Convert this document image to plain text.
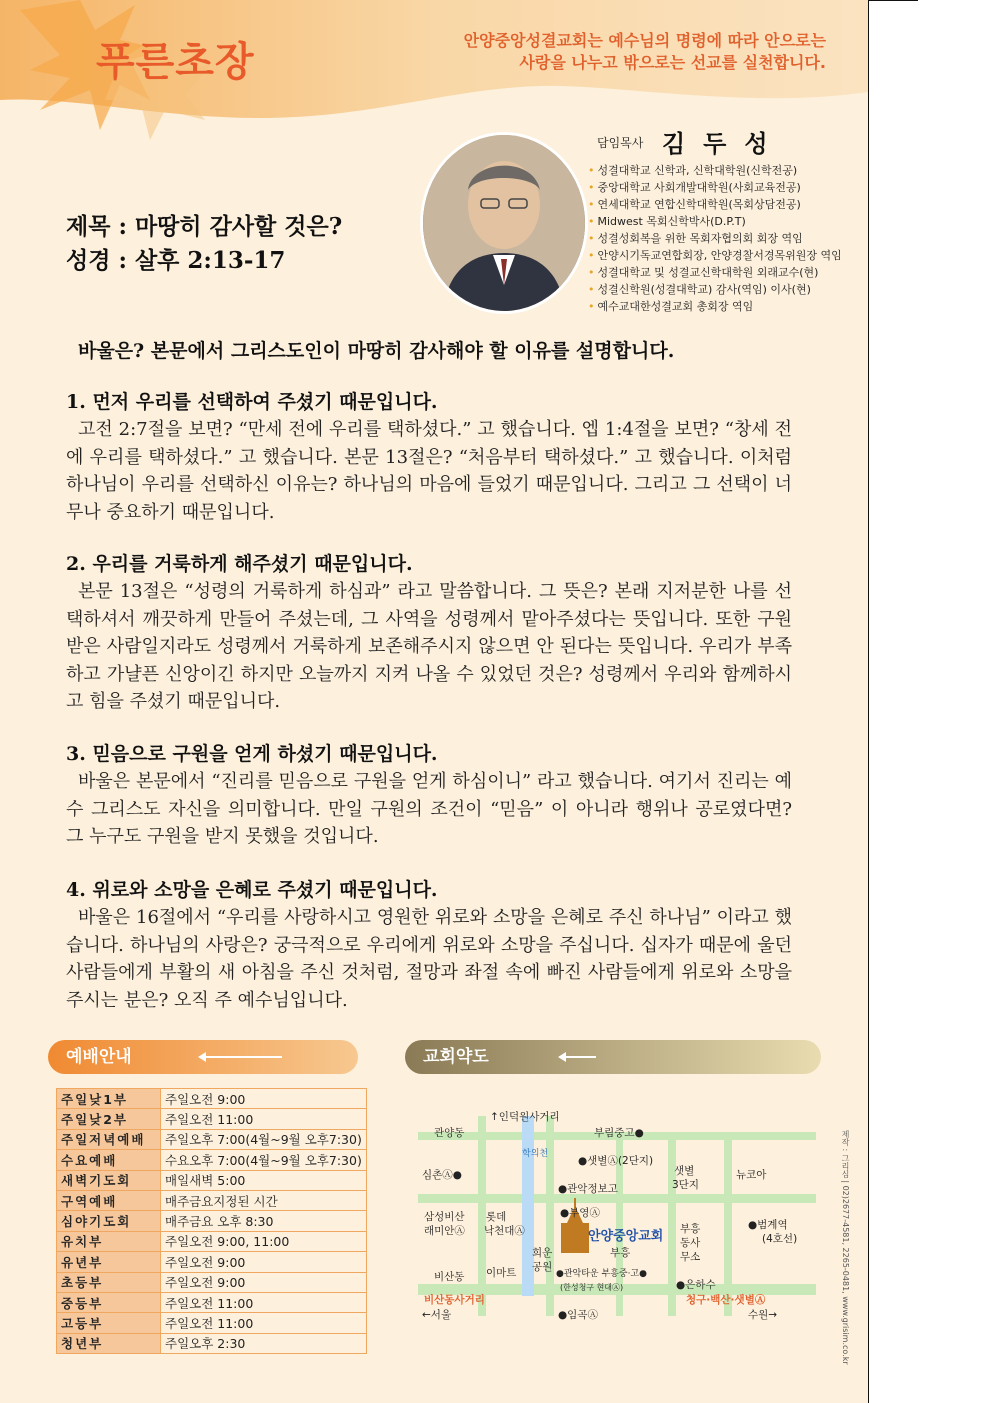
푸른초장	안양중앙성결교회는 예수님의 명령에 따라 안으로는
사랑을 나누고 밖으로는 선교를 실천합니다.
담임목사 김두성
• 성결대학교 신학과, 신학대학원(신학전공)
• 중앙대학교 사회개발대학원(사회교육전공)
• 연세대학교 연합신학대학원(목회상담전공)
• Midwest 목회신학박사(D.P.T)
• 성결성회복을 위한 목회자협의회 회장 역임
• 안양시기독교연합회장, 안양경찰서경목위원장 역임
• 성결대학교 및 성결교신학대학원 외래교수(현)
• 성결신학원(성결대학교) 감사(역임) 이사(현)
• 예수교대한성결교회 총회장 역임
제목 : 마땅히 감사할 것은?
성경 : 살후 2:13-17
바울은? 본문에서 그리스도인이 마땅히 감사해야 할 이유를 설명합니다.
1. 먼저 우리를 선택하여 주셨기 때문입니다.

고전 2:7절을 보면? “만세 전에 우리를 택하셨다.” 고 했습니다. 엡 1:4절을 보면? “창세 전에 우리를 택하셨다.” 고 했습니다. 본문 13절은? “처음부터 택하셨다.” 고 했습니다. 이처럼 하나님이 우리를 선택하신 이유는? 하나님의 마음에 들었기 때문입니다. 그리고 그 선택이 너무나 중요하기 때문입니다.

2. 우리를 거룩하게 해주셨기 때문입니다.

본문 13절은 “성령의 거룩하게 하심과” 라고 말씀합니다. 그 뜻은? 본래 지저분한 나를 선택하셔서 깨끗하게 만들어 주셨는데, 그 사역을 성령께서 맡아주셨다는 뜻입니다. 또한 구원받은 사람일지라도 성령께서 거룩하게 보존해주시지 않으면 안 된다는 뜻입니다. 우리가 부족하고 가냘픈 신앙이긴 하지만 오늘까지 지켜 나올 수 있었던 것은? 성령께서 우리와 함께하시고 힘을 주셨기 때문입니다.

3. 믿음으로 구원을 얻게 하셨기 때문입니다.

바울은 본문에서 “진리를 믿음으로 구원을 얻게 하심이니” 라고 했습니다. 여기서 진리는 예수 그리스도 자신을 의미합니다. 만일 구원의 조건이 “믿음” 이 아니라 행위나 공로였다면? 그 누구도 구원을 받지 못했을 것입니다.

4. 위로와 소망을 은혜로 주셨기 때문입니다.

바울은 16절에서 “우리를 사랑하시고 영원한 위로와 소망을 은혜로 주신 하나님” 이라고 했습니다. 하나님의 사랑은? 궁극적으로 우리에게 위로와 소망을 주십니다. 십자가 때문에 울던 사람들에게 부활의 새 아침을 주신 것처럼, 절망과 좌절 속에 빠진 사람들에게 위로와 소망을 주시는 분은? 오직 주 예수님입니다.

예배안내	교회약도
주일낮1부	주일오전 9:00
주일낮2부	주일오전 11:00
주일저녁예배	주일오후 7:00(4월~9월 오후7:30)
수요예배	수요오후 7:00(4월~9월 오후7:30)
새벽기도회	매일새벽 5:00
구역예배	매주금요지정된 시간
심야기도회	매주금요 오후 8:30
유치부	주일오전 9:00, 11:00
유년부	주일오전 9:00
초등부	주일오전 9:00
중등부	주일오전 11:00
고등부	주일오전 11:00
청년부	주일오후 2:30
↑인덕원사거리
관양동	부림중고●
●샛별Ⓐ(2단지)
샛별
3단지
심촌Ⓐ●
학의천
뉴코아
●관악정보고
삼성비산
래미안Ⓐ
롯데
낙천대Ⓐ
●부영Ⓐ
안양중앙교회
부흥
부흥
동사
무소
●범계역
(4호선)
희운
공원
비산동 이마트	●관악타운 부흥중·고●
(한성청구 현대Ⓐ)	●은하수
비산동사거리
←서울
청구·백산·샛별Ⓐ
●임곡Ⓐ	수원→	제작 : 그리심 | 02)2677-4581, 2265-0481, www.grisim.co.kr
